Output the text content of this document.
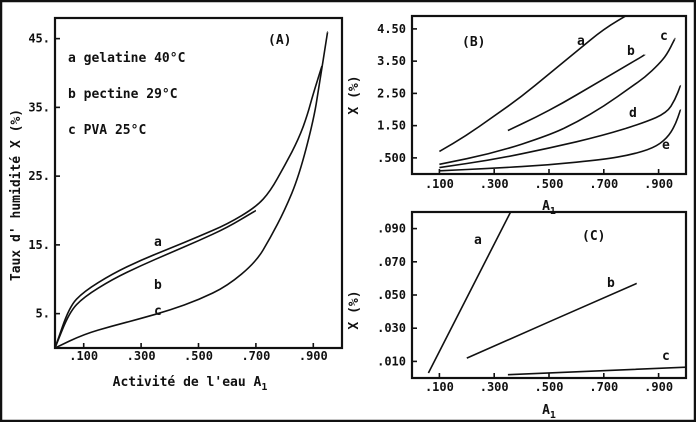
(A)
a gelatine 40°C
b pectine 29°C
c PVA 25°C
Activité de l'eau $A_1$
Taux d' humidité X (%)
.100 .300 .500 .700 .900
5.
15.
25.
35.
45.
a
b
c
(B)
$A_1$
X (%)
.100 .300 .500 .700 .900
.500
1.50
2.50
3.50
4.50
a
b
c
d
e
(C)
$A_1$
X (%)
.100 .300 .500 .700 .900
.010
.030
.050
.070
.090
a
b
c
